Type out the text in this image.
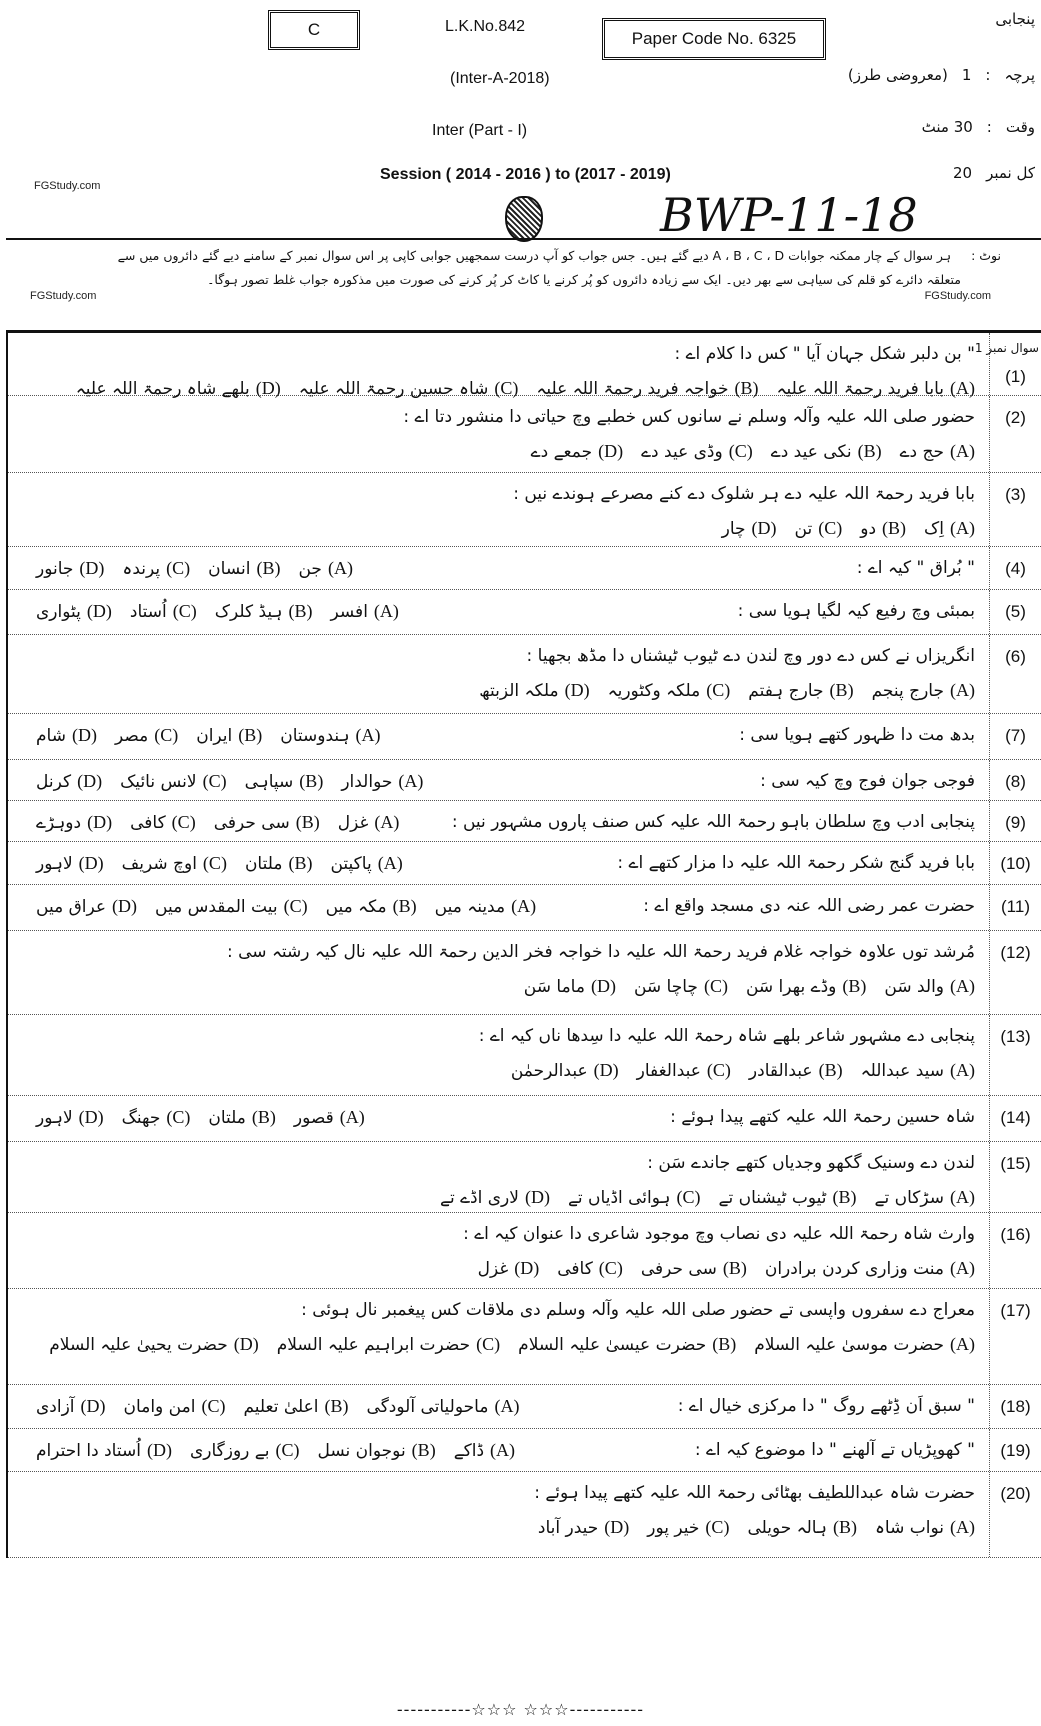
C	L.K.No.842
Paper Code No. 6325
(Inter-A-2018)
Inter (Part - I)
Session ( 2014 - 2016 ) to (2017 - 2019)
FGStudy.com
BWP-11-18
پنجابی
پرچہ
:
1
(معروضی طرز)
وقت
:
30 منٹ
کل نمبر
20
نوٹ : ہر سوال کے چار ممکنہ جوابات A ، B ، C ، D دیے گئے ہیں۔ جس جواب کو آپ درست سمجھیں جوابی کاپی پر اس سوال نمبر کے سامنے دیے گئے دائروں میں سے
متعلقہ دائرے کو قلم کی سیاہی سے بھر دیں۔ ایک سے زیادہ دائروں کو پُر کرنے یا کاٹ کر پُر کرنے کی صورت میں مذکورہ جواب غلط تصور ہوگا۔
FGStudy.com	FGStudy.com
سوال نمبر 1
(1)
" بن دلبر شکل جہان آیا " کس دا کلام اے :
(A)بابا فرید رحمۃ اللہ علیہ(B)خواجہ فرید رحمۃ اللہ علیہ(C)شاہ حسین رحمۃ اللہ علیہ(D)بلھے شاہ رحمۃ اللہ علیہ
(2)
حضور صلی اللہ علیہ وآلہ وسلم نے سانوں کس خطبے وچ حیاتی دا منشور دتا اے :
(A)حج دے(B)نکی عید دے(C)وڈی عید دے(D)جمعے دے
(3)
بابا فرید رحمۃ اللہ علیہ دے ہر شلوک دے کنے مصرعے ہوندے نیں :
(A)اِک(B)دو(C)تن(D)چار
(4)
" بُراق " کیہ اے :
(A)جن(B)انسان(C)پرندہ(D)جانور
(5)
بمبئی وچ رفیع کیہ لگیا ہویا سی :
(A)افسر(B)ہیڈ کلرک(C)اُستاد(D)پٹواری
(6)
انگریزاں نے کس دے دور وچ لندن دے ٹیوب ٹیشناں دا مڈھ بجھیا :
(A)جارج پنجم(B)جارج ہفتم(C)ملکہ وکٹوریہ(D)ملکہ الزبتھ
(7)
بدھ مت دا ظہور کتھے ہویا سی :
(A)ہندوستان(B)ایران(C)مصر(D)شام
(8)
فوجی جوان فوج وچ کیہ سی :
(A)حوالدار(B)سپاہی(C)لانس نائیک(D)کرنل
(9)
پنجابی ادب وچ سلطان باہو رحمۃ اللہ علیہ کس صنف پاروں مشہور نیں :
(A)غزل(B)سی حرفی(C)کافی(D)دوہڑے
(10)
بابا فرید گنج شکر رحمۃ اللہ علیہ دا مزار کتھے اے :
(A)پاکپتن(B)ملتان(C)اوچ شریف(D)لاہور
(11)
حضرت عمر رضی اللہ عنہ دی مسجد واقع اے :
(A)مدینہ میں(B)مکہ میں(C)بیت المقدس میں(D)عراق میں
(12)
مُرشد توں علاوہ خواجہ غلام فرید رحمۃ اللہ علیہ دا خواجہ فخر الدین رحمۃ اللہ علیہ نال کیہ رشتہ سی :
(A)والد سَن(B)وڈے بھرا سَن(C)چاچا سَن(D)ماما سَن
(13)
پنجابی دے مشہور شاعر بلھے شاہ رحمۃ اللہ علیہ دا سِدھا ناں کیہ اے :
(A)سید عبداللہ(B)عبدالقادر(C)عبدالغفار(D)عبدالرحمٰن
(14)
شاہ حسین رحمۃ اللہ علیہ کتھے پیدا ہوئے :
(A)قصور(B)ملتان(C)جھنگ(D)لاہور
(15)
لندن دے وسنیک گکھو وجدیاں کتھے جاندے سَن :
(A)سڑکاں تے(B)ٹیوب ٹیشناں تے(C)ہوائی اڈیاں تے(D)لاری اڈے تے
(16)
وارث شاہ رحمۃ اللہ علیہ دی نصاب وچ موجود شاعری دا عنوان کیہ اے :
(A)منت وزاری کردن برادران(B)سی حرفی(C)کافی(D)غزل
(17)
معراج دے سفروں واپسی تے حضور صلی اللہ علیہ وآلہ وسلم دی ملاقات کس پیغمبر نال ہوئی :
(A)حضرت موسیٰ علیہ السلام(B)حضرت عیسیٰ علیہ السلام(C)حضرت ابراہیم علیہ السلام(D)حضرت یحییٰ علیہ السلام
(18)
" سبق اَن ڈِٹھے روگ " دا مرکزی خیال اے :
(A)ماحولیاتی آلودگی(B)اعلیٰ تعلیم(C)امن وامان(D)آزادی
(19)
" کھوپڑیاں تے آلھنے " دا موضوع کیہ اے :
(A)ڈاکے(B)نوجوان نسل(C)بے روزگاری(D)اُستاد دا احترام
(20)
حضرت شاہ عبداللطیف بھٹائی رحمۃ اللہ علیہ کتھے پیدا ہوئے :
(A)نواب شاہ(B)ہالہ حویلی(C)خیر پور(D)حیدر آباد
-----------☆☆☆ ☆☆☆-----------
